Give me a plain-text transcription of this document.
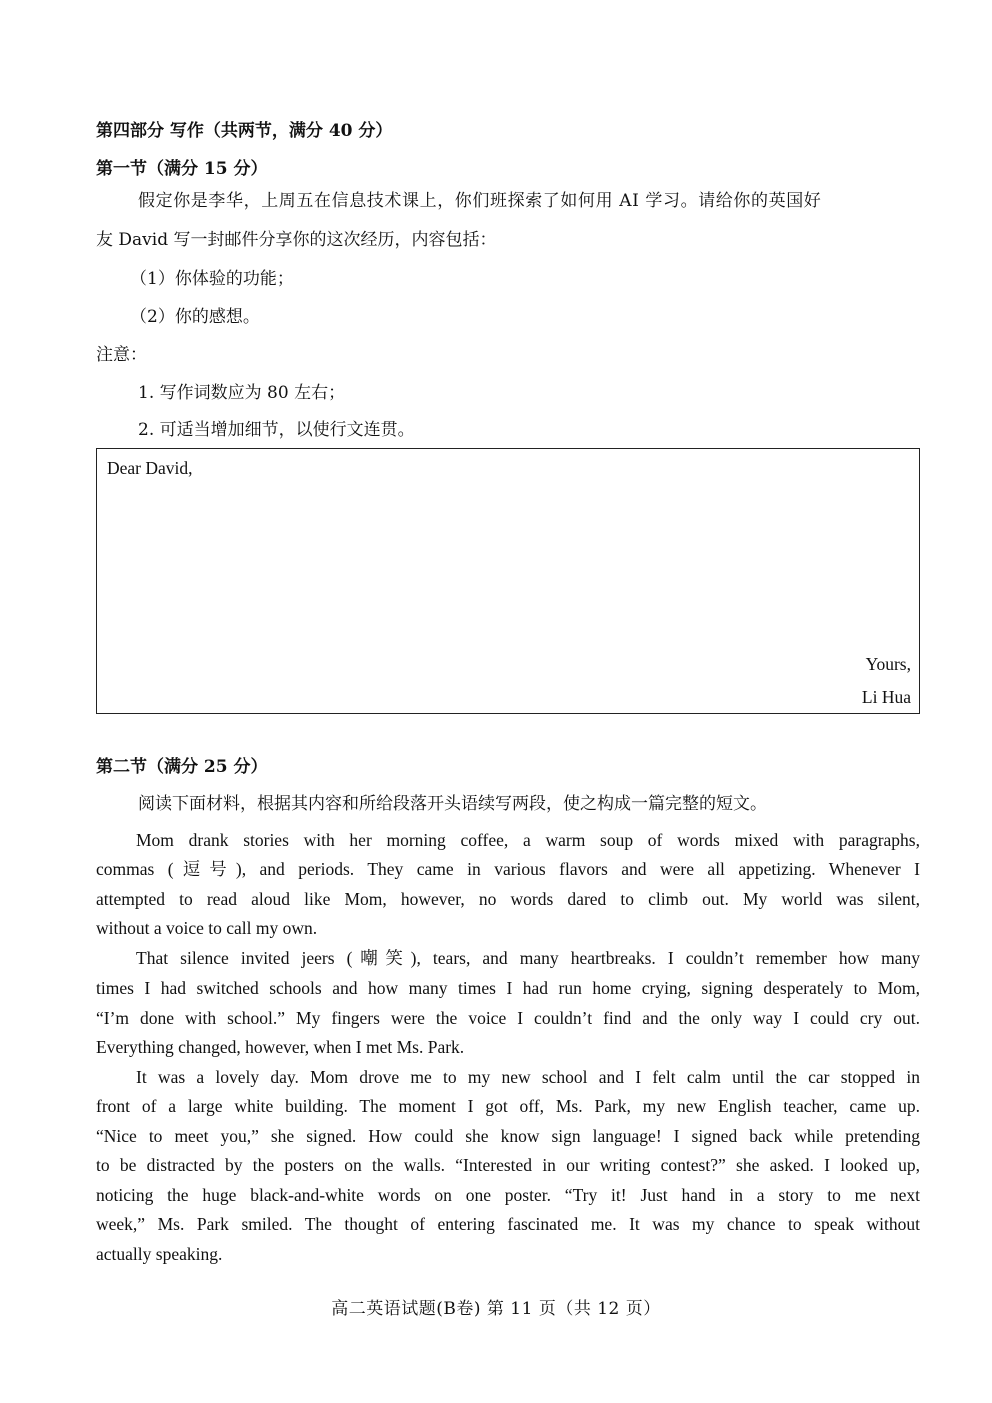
第四部分 写作（共两节，满分 40 分）
第一节（满分 15 分）
假定你是李华，上周五在信息技术课上，你们班探索了如何用 AI 学习。请给你的英国好
友 David 写一封邮件分享你的这次经历，内容包括：
（1）你体验的功能；
（2）你的感想。
注意：
1. 写作词数应为 80 左右；
2. 可适当增加细节，以使行文连贯。
Dear David,
Yours,
Li Hua
第二节（满分 25 分）
阅读下面材料，根据其内容和所给段落开头语续写两段，使之构成一篇完整的短文。
Mom drank stories with her morning coffee, a warm soup of words mixed with paragraphs,
commas (逗号), and periods. They came in various flavors and were all appetizing. Whenever I
attempted to read aloud like Mom, however, no words dared to climb out. My world was silent,
without a voice to call my own.
That silence invited jeers (嘲笑), tears, and many heartbreaks. I couldn’t remember how many
times I had switched schools and how many times I had run home crying, signing desperately to Mom,
“I’m done with school.” My fingers were the voice I couldn’t find and the only way I could cry out.
Everything changed, however, when I met Ms. Park.
It was a lovely day. Mom drove me to my new school and I felt calm until the car stopped in
front of a large white building. The moment I got off, Ms. Park, my new English teacher, came up.
“Nice to meet you,” she signed. How could she know sign language! I signed back while pretending
to be distracted by the posters on the walls. “Interested in our writing contest?” she asked. I looked up,
noticing the huge black-and-white words on one poster. “Try it! Just hand in a story to me next
week,” Ms. Park smiled. The thought of entering fascinated me. It was my chance to speak without
actually speaking.
高二英语试题(B卷) 第 11 页（共 12 页）
